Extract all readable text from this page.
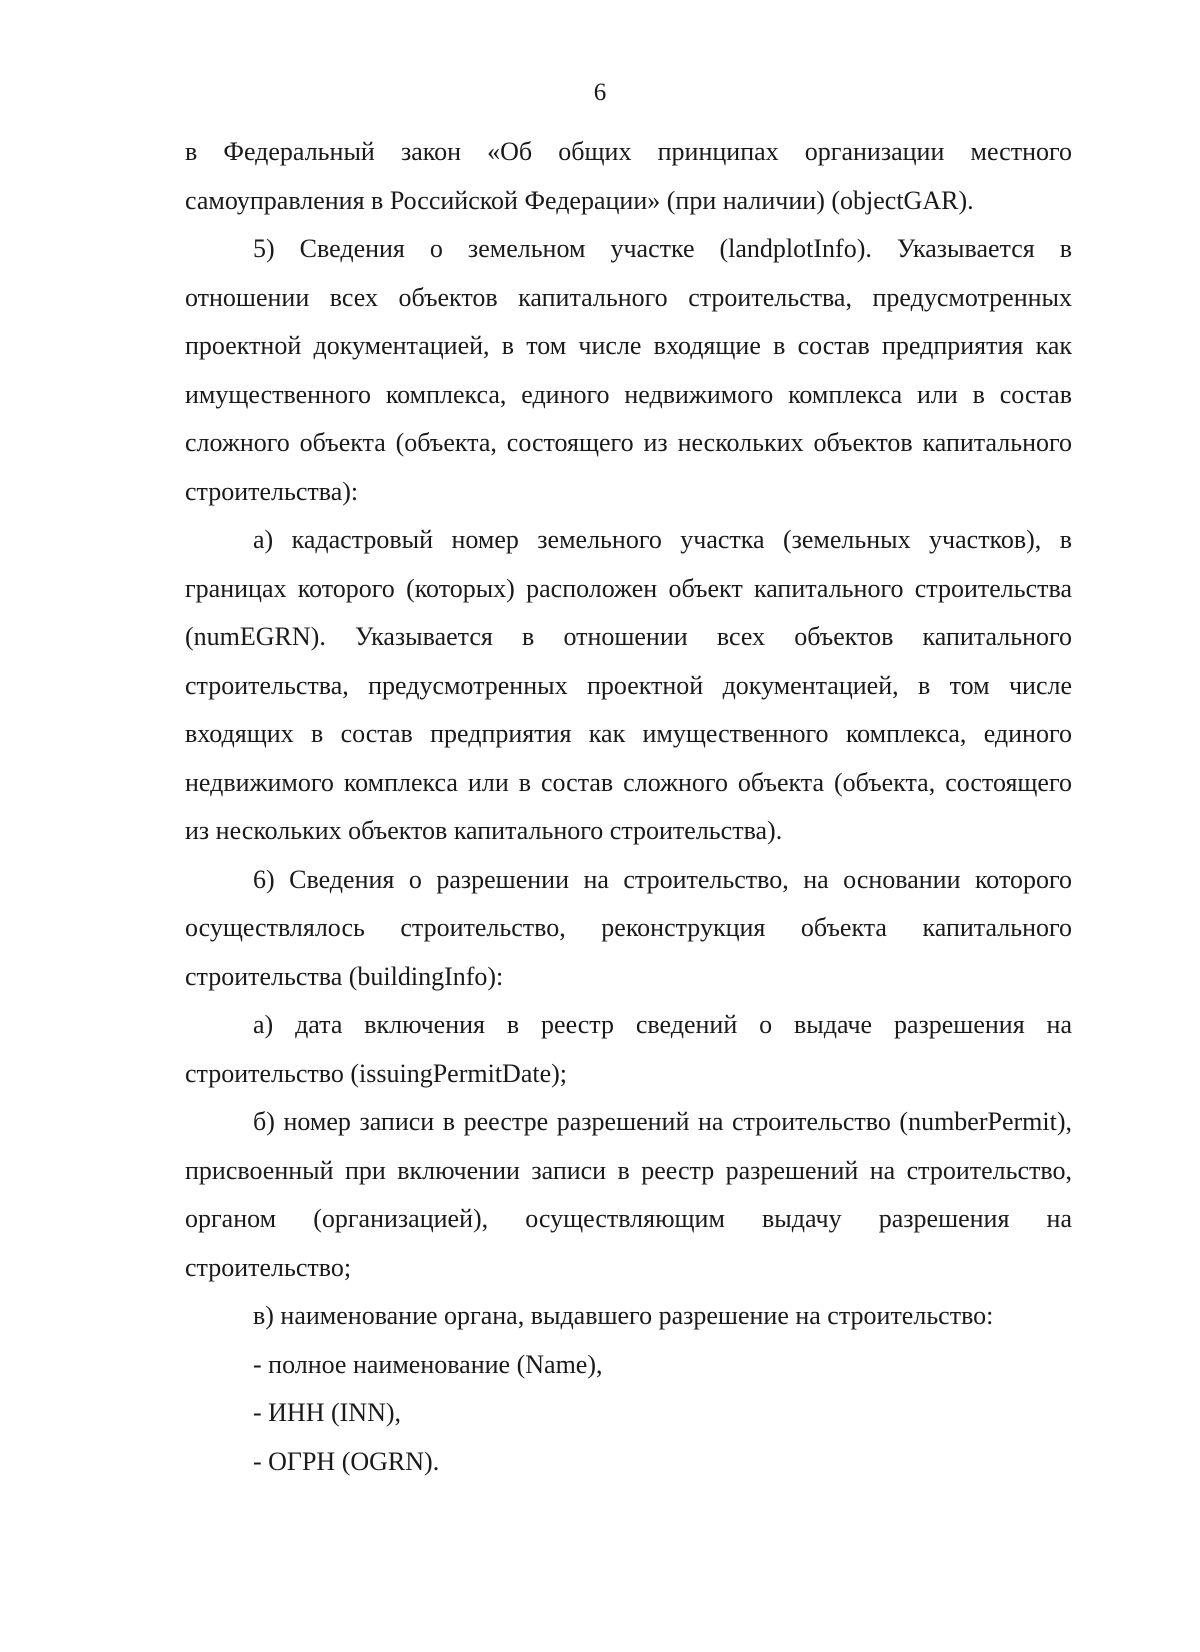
6

в Федеральный закон «Об общих принципах организации местного самоуправления в Российской Федерации» (при наличии) (objectGAR).

5) Сведения о земельном участке (landplotInfo). Указывается в отношении всех объектов капитального строительства, предусмотренных проектной документацией, в том числе входящие в состав предприятия как имущественного комплекса, единого недвижимого комплекса или в состав сложного объекта (объекта, состоящего из нескольких объектов капитального строительства):

а) кадастровый номер земельного участка (земельных участков), в границах которого (которых) расположен объект капитального строительства (numEGRN). Указывается в отношении всех объектов капитального строительства, предусмотренных проектной документацией, в том числе входящих в состав предприятия как имущественного комплекса, единого недвижимого комплекса или в состав сложного объекта (объекта, состоящего из нескольких объектов капитального строительства).

6) Сведения о разрешении на строительство, на основании которого осуществлялось строительство, реконструкция объекта капитального строительства (buildingInfo):

а) дата включения в реестр сведений о выдаче разрешения на строительство (issuingPermitDate);

б) номер записи в реестре разрешений на строительство (numberPermit), присвоенный при включении записи в реестр разрешений на строительство, органом (организацией), осуществляющим выдачу разрешения на строительство;

в) наименование органа, выдавшего разрешение на строительство:

- полное наименование (Name),

- ИНН (INN),

- ОГРН (OGRN).
